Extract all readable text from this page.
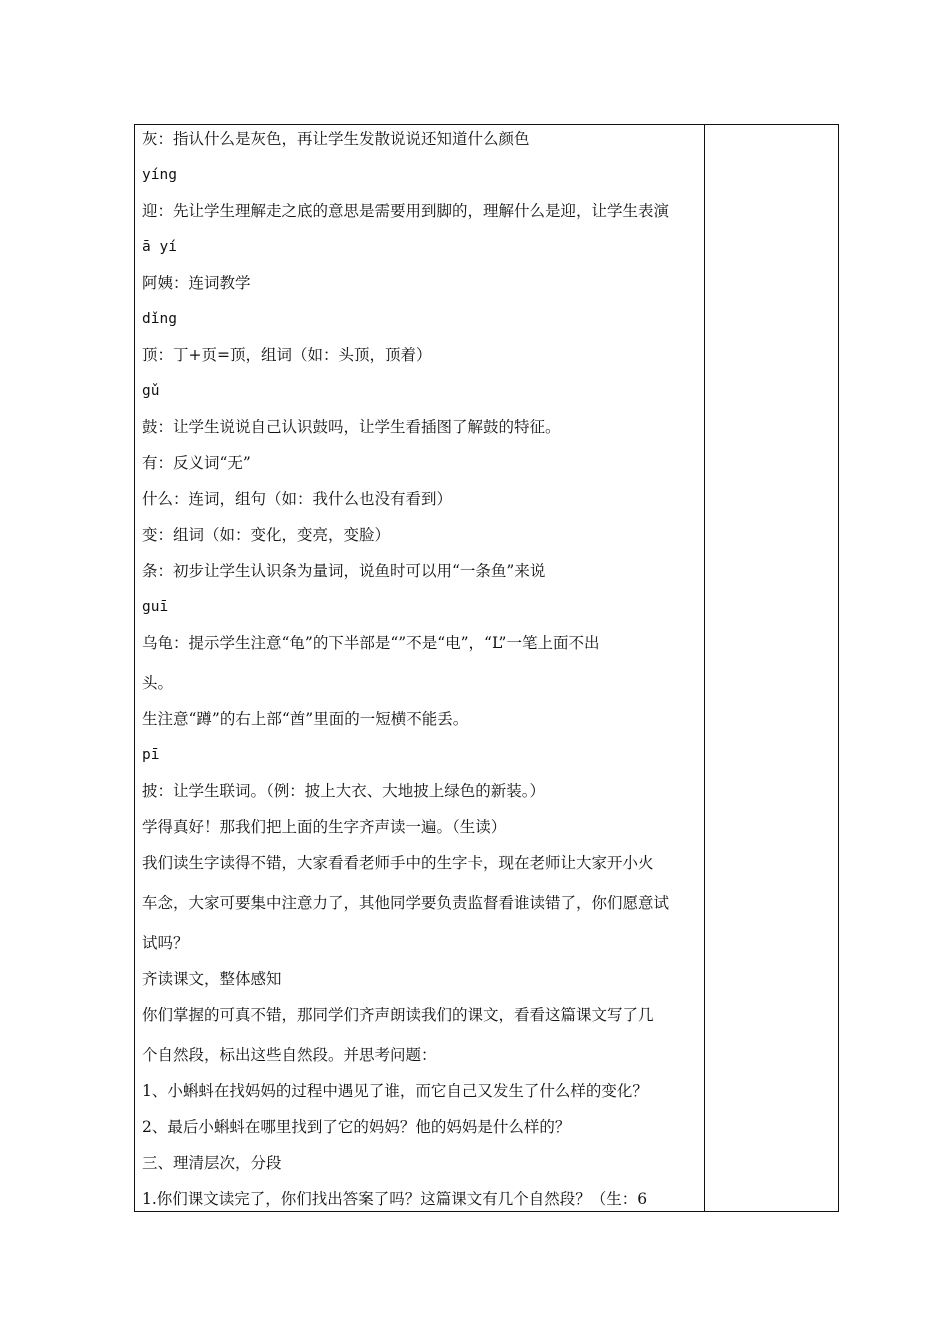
灰：指认什么是灰色，再让学生发散说说还知道什么颜色
yíng
迎：先让学生理解走之底的意思是需要用到脚的，理解什么是迎，让学生表演
ā yí
阿姨：连词教学
dǐng
顶：丁+页=顶，组词（如：头顶，顶着）
gǔ
鼓：让学生说说自己认识鼓吗，让学生看插图了解鼓的特征。
有：反义词“无”
什么：连词，组句（如：我什么也没有看到）
变：组词（如：变化，变亮，变脸）
条：初步让学生认识条为量词，说鱼时可以用“一条鱼”来说
guī
乌龟：提示学生注意“龟”的下半部是“”不是“电”，“L”一笔上面不出
头。
生注意“蹲”的右上部“酋”里面的一短横不能丢。
pī
披：让学生联词。（例：披上大衣、大地披上绿色的新装。）
学得真好！那我们把上面的生字齐声读一遍。（生读）
我们读生字读得不错，大家看看老师手中的生字卡，现在老师让大家开小火
车念，大家可要集中注意力了，其他同学要负责监督看谁读错了，你们愿意试
试吗？
齐读课文，整体感知
你们掌握的可真不错，那同学们齐声朗读我们的课文，看看这篇课文写了几
个自然段，标出这些自然段。并思考问题：
1、小蝌蚪在找妈妈的过程中遇见了谁，而它自己又发生了什么样的变化？
2、最后小蝌蚪在哪里找到了它的妈妈？他的妈妈是什么样的？
三、理清层次，分段
1.你们课文读完了，你们找出答案了吗？这篇课文有几个自然段？（生：6
